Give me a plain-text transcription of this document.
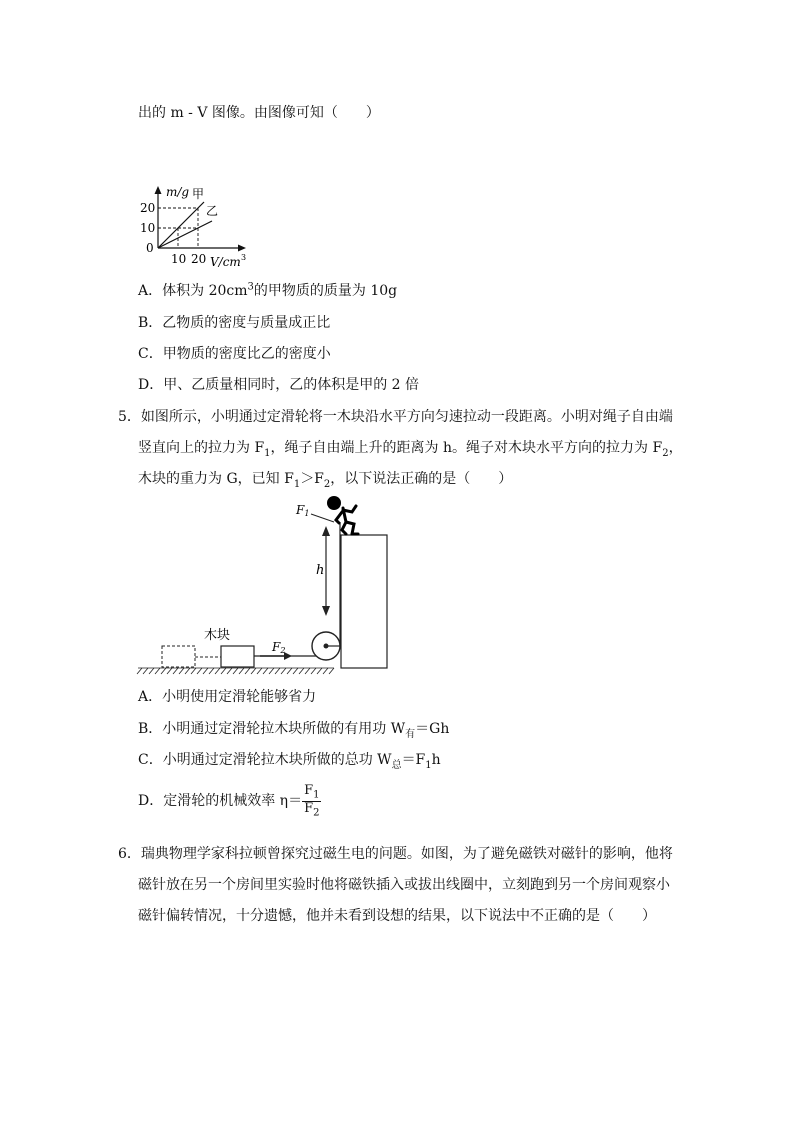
出的 m - V 图像。由图像可知（　　）
m/g
V/cm 3
0
10
20
10 20
甲
乙
A．体积为 $20cm^3$的甲物质的质量为 10g
B．乙物质的密度与质量成正比
C．甲物质的密度比乙的密度小
D．甲、乙质量相同时，乙的体积是甲的 2 倍
5．如图所示，小明通过定滑轮将一木块沿水平方向匀速拉动一段距离。小明对绳子自由端
竖直向上的拉力为 $F_1$，绳子自由端上升的距离为 h。绳子对木块水平方向的拉力为 $F_2$，
木块的重力为 G，已知 $F_1>F_2$，以下说法正确的是（　　）
木块
F2
h
F1
A．小明使用定滑轮能够省力
B．小明通过定滑轮拉木块所做的有用功 $W_有=Gh$
C．小明通过定滑轮拉木块所做的总功 $W_总=F_1h$
D．定滑轮的机械效率 $\eta= \frac{F_1}{F_2}$
6．瑞典物理学家科拉顿曾探究过磁生电的问题。如图，为了避免磁铁对磁针的影响，他将
磁针放在另一个房间里实验时他将磁铁插入或拔出线圈中，立刻跑到另一个房间观察小
磁针偏转情况，十分遗憾，他并未看到设想的结果，以下说法中不正确的是（　　）
